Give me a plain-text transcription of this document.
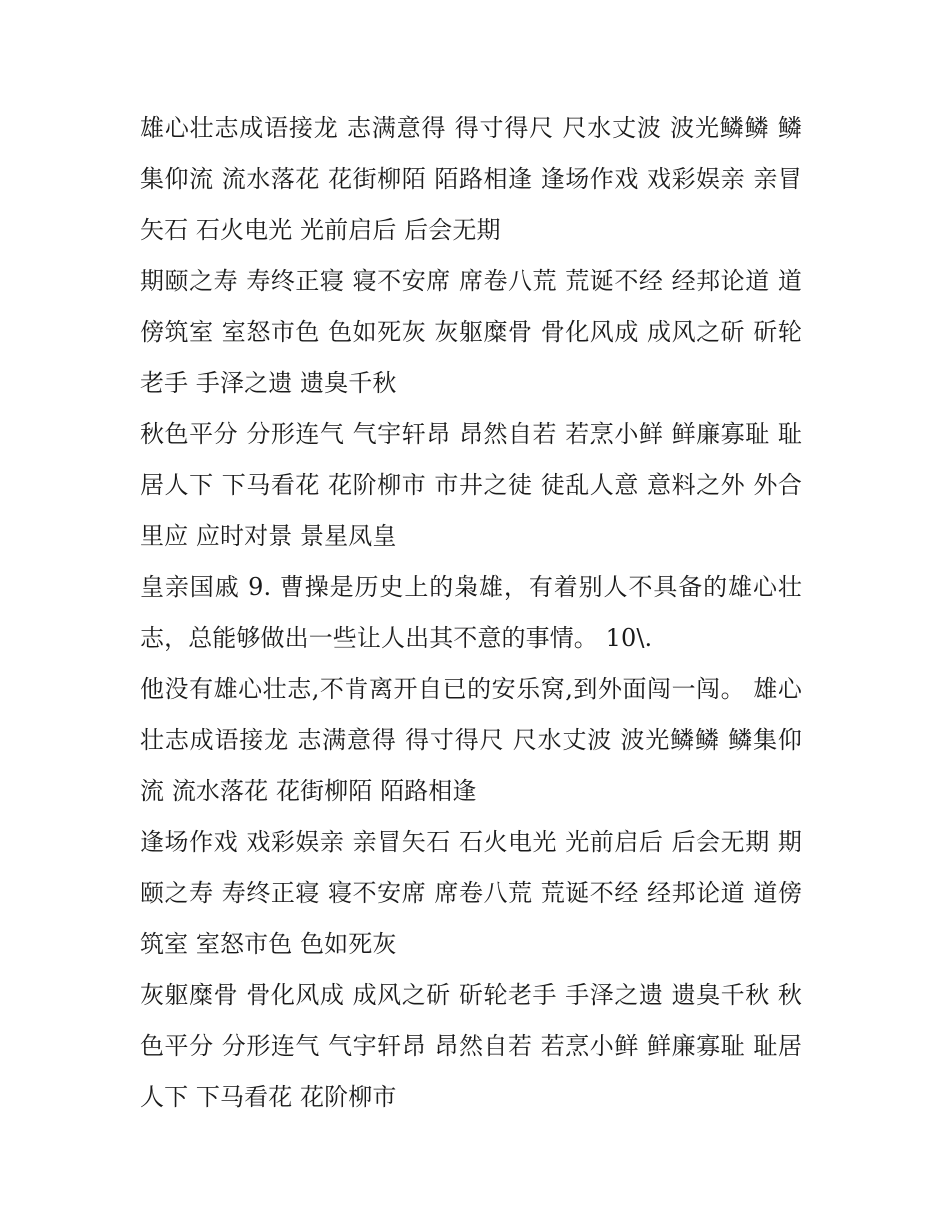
雄心壮志成语接龙 志满意得 得寸得尺 尺水丈波 波光鳞鳞 鳞集仰流 流水落花 花街柳陌 陌路相逢 逢场作戏 戏彩娱亲 亲冒矢石 石火电光 光前启后 后会无期

期颐之寿 寿终正寝 寝不安席 席卷八荒 荒诞不经 经邦论道 道傍筑室 室怒市色 色如死灰 灰躯糜骨 骨化风成 成风之斫 斫轮老手 手泽之遗 遗臭千秋

秋色平分 分形连气 气宇轩昂 昂然自若 若烹小鲜 鲜廉寡耻 耻居人下 下马看花 花阶柳市 市井之徒 徒乱人意 意料之外 外合里应 应时对景 景星凤皇

皇亲国戚 9. 曹操是历史上的枭雄，有着别人不具备的雄心壮志，总能够做出一些让人出其不意的事情。 10\.

他没有雄心壮志,不肯离开自已的安乐窝,到外面闯一闯。 雄心壮志成语接龙 志满意得 得寸得尺 尺水丈波 波光鳞鳞 鳞集仰流 流水落花 花街柳陌 陌路相逢

逢场作戏 戏彩娱亲 亲冒矢石 石火电光 光前启后 后会无期 期颐之寿 寿终正寝 寝不安席 席卷八荒 荒诞不经 经邦论道 道傍筑室 室怒市色 色如死灰

灰躯糜骨 骨化风成 成风之斫 斫轮老手 手泽之遗 遗臭千秋 秋色平分 分形连气 气宇轩昂 昂然自若 若烹小鲜 鲜廉寡耻 耻居人下 下马看花 花阶柳市
